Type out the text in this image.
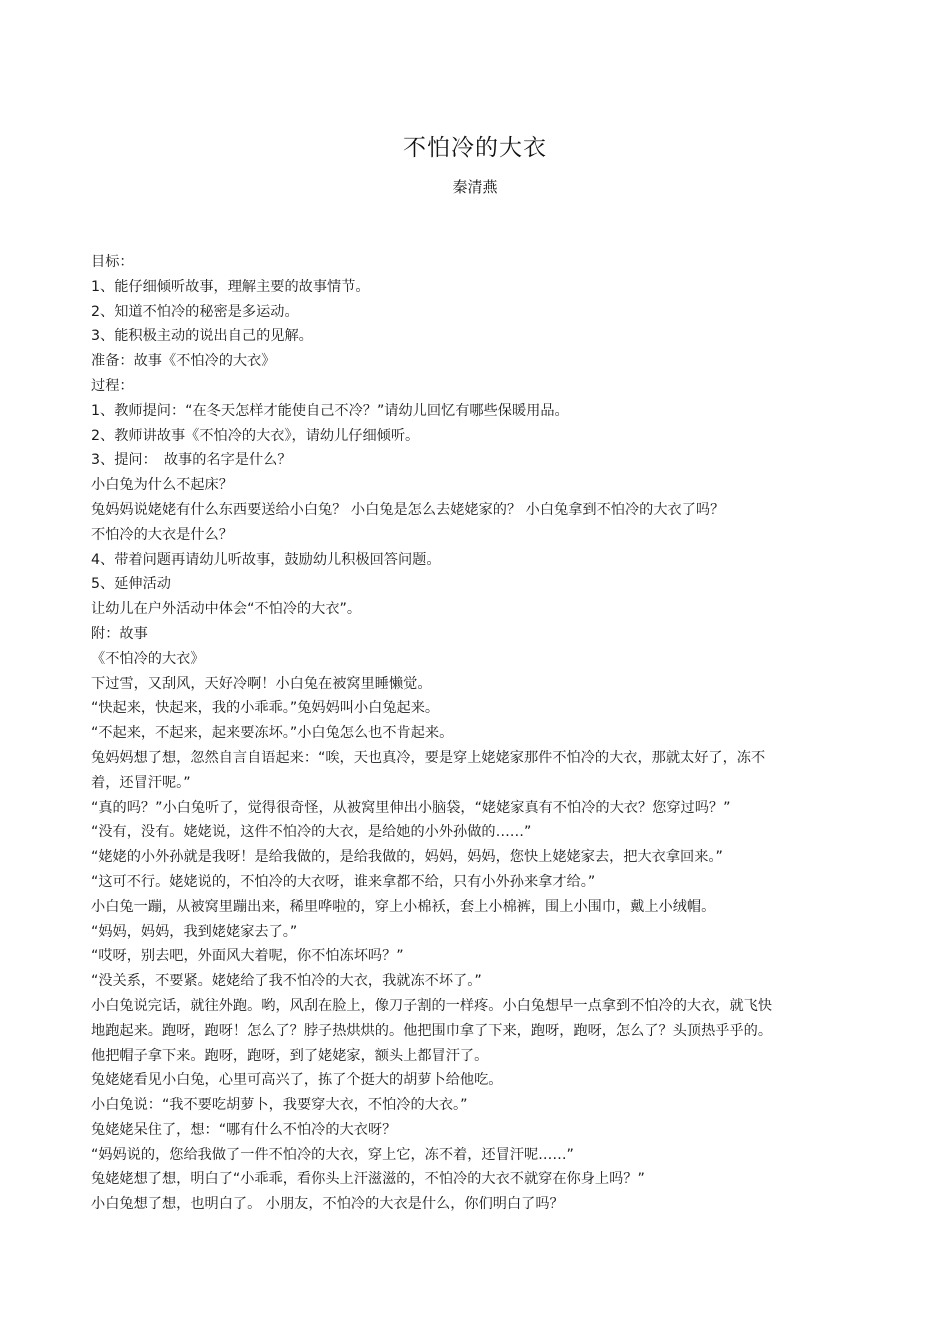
不怕冷的大衣
秦清燕
目标：
1、能仔细倾听故事，理解主要的故事情节。
2、知道不怕冷的秘密是多运动。
3、能积极主动的说出自己的见解。
准备：故事《不怕冷的大衣》
过程：
1、教师提问：“在冬天怎样才能使自己不冷？”请幼儿回忆有哪些保暖用品。
2、教师讲故事《不怕冷的大衣》，请幼儿仔细倾听。
3、提问：　故事的名字是什么？
小白兔为什么不起床？
兔妈妈说姥姥有什么东西要送给小白兔？ 小白兔是怎么去姥姥家的？ 小白兔拿到不怕冷的大衣了吗？
不怕冷的大衣是什么？
4、带着问题再请幼儿听故事，鼓励幼儿积极回答问题。
5、延伸活动
让幼儿在户外活动中体会“不怕冷的大衣”。
附：故事
《不怕冷的大衣》
下过雪，又刮风，天好冷啊！小白兔在被窝里睡懒觉。
“快起来，快起来，我的小乖乖。”兔妈妈叫小白兔起来。
“不起来，不起来，起来要冻坏。”小白兔怎么也不肯起来。
兔妈妈想了想，忽然自言自语起来：“唉，天也真冷，要是穿上姥姥家那件不怕冷的大衣，那就太好了，冻不
着，还冒汗呢。”
“真的吗？”小白兔听了，觉得很奇怪，从被窝里伸出小脑袋，“姥姥家真有不怕冷的大衣？您穿过吗？”
“没有，没有。姥姥说，这件不怕冷的大衣，是给她的小外孙做的……”
“姥姥的小外孙就是我呀！是给我做的，是给我做的，妈妈，妈妈，您快上姥姥家去，把大衣拿回来。”
“这可不行。姥姥说的，不怕冷的大衣呀，谁来拿都不给，只有小外孙来拿才给。”
小白兔一蹦，从被窝里蹦出来，稀里哗啦的，穿上小棉袄，套上小棉裤，围上小围巾，戴上小绒帽。
“妈妈，妈妈，我到姥姥家去了。”
“哎呀，别去吧，外面风大着呢，你不怕冻坏吗？”
“没关系，不要紧。姥姥给了我不怕冷的大衣，我就冻不坏了。”
小白兔说完话，就往外跑。哟，风刮在脸上，像刀子割的一样疼。小白兔想早一点拿到不怕冷的大衣，就飞快
地跑起来。跑呀，跑呀！怎么了？脖子热烘烘的。他把围巾拿了下来，跑呀，跑呀，怎么了？头顶热乎乎的。
他把帽子拿下来。跑呀，跑呀，到了姥姥家，额头上都冒汗了。
兔姥姥看见小白兔，心里可高兴了，拣了个挺大的胡萝卜给他吃。
小白兔说：“我不要吃胡萝卜，我要穿大衣，不怕冷的大衣。”
兔姥姥呆住了，想：“哪有什么不怕冷的大衣呀？
“妈妈说的，您给我做了一件不怕冷的大衣，穿上它，冻不着，还冒汗呢……”
兔姥姥想了想，明白了“小乖乖，看你头上汗滋滋的，不怕冷的大衣不就穿在你身上吗？”
小白兔想了想，也明白了。 小朋友，不怕冷的大衣是什么，你们明白了吗？
